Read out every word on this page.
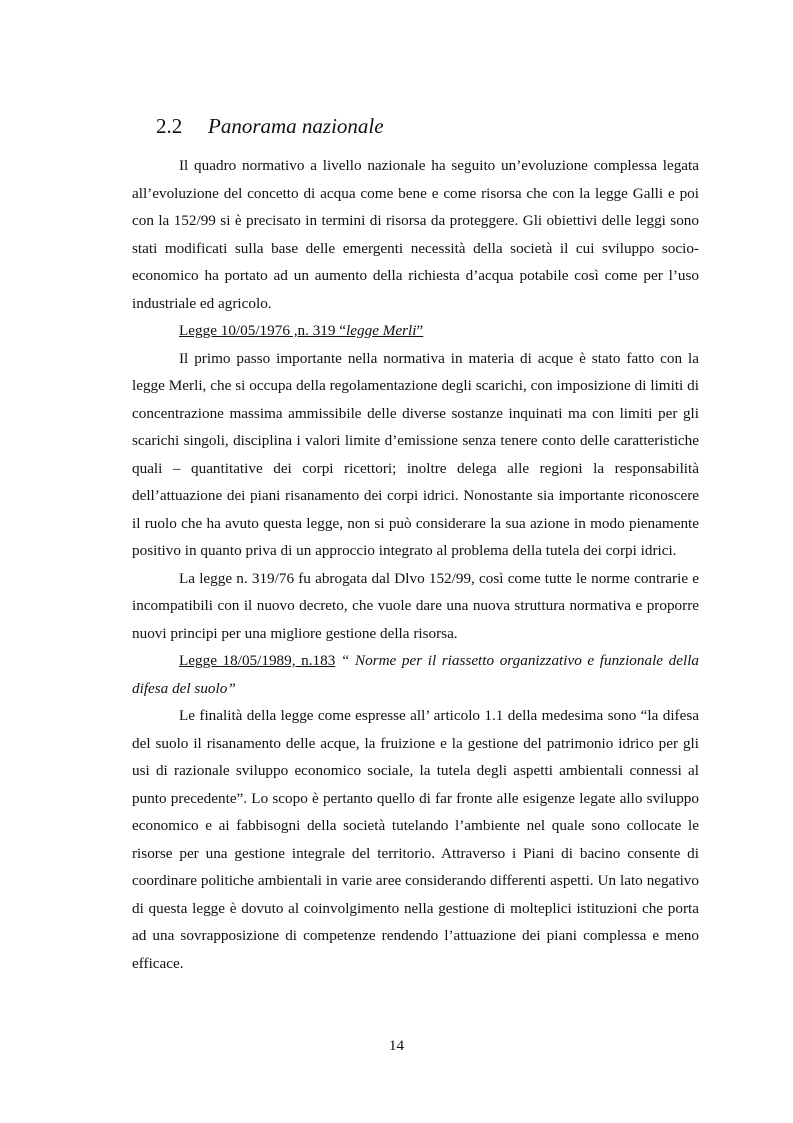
2.2 Panorama nazionale

Il quadro normativo a livello nazionale ha seguito un’evoluzione complessa legata all’evoluzione del concetto di acqua come bene e come risorsa che con la legge Galli e poi con la 152/99 si è precisato in termini di risorsa da proteggere. Gli obiettivi delle leggi sono stati modificati sulla base delle emergenti necessità della società il cui sviluppo socio-economico ha portato ad un aumento della richiesta d’acqua potabile così come per l’uso industriale ed agricolo.

Legge 10/05/1976 ,n. 319 “legge Merli”

Il primo passo importante nella normativa in materia di acque è stato fatto con la legge Merli, che si occupa della regolamentazione degli scarichi, con imposizione di limiti di concentrazione massima ammissibile delle diverse sostanze inquinati ma con limiti per gli scarichi singoli, disciplina i valori limite d’emissione senza tenere conto delle caratteristiche quali – quantitative dei corpi ricettori; inoltre delega alle regioni la responsabilità dell’attuazione dei piani risanamento dei corpi idrici. Nonostante sia importante riconoscere il ruolo che ha avuto questa legge, non si può considerare la sua azione in modo pienamente positivo in quanto priva di un approccio integrato al problema della tutela dei corpi idrici.

La legge n. 319/76 fu abrogata dal Dlvo 152/99, così come tutte le norme contrarie e incompatibili con il nuovo decreto, che vuole dare una nuova struttura normativa e proporre nuovi principi per una migliore gestione della risorsa.

Legge 18/05/1989, n.183 “ Norme per il riassetto organizzativo e funzionale della difesa del suolo”

Le finalità della legge come espresse all’ articolo 1.1 della medesima sono “la difesa del suolo il risanamento delle acque, la fruizione e la gestione del patrimonio idrico per gli usi di razionale sviluppo economico sociale, la tutela degli aspetti ambientali connessi al punto precedente”. Lo scopo è pertanto quello di far fronte alle esigenze legate allo sviluppo economico e ai fabbisogni della società tutelando l’ambiente nel quale sono collocate le risorse per una gestione integrale del territorio. Attraverso i Piani di bacino consente di coordinare politiche ambientali in varie aree considerando differenti aspetti. Un lato negativo di questa legge è dovuto al coinvolgimento nella gestione di molteplici istituzioni che porta ad una sovrapposizione di competenze rendendo l’attuazione dei piani complessa e meno efficace.

14
